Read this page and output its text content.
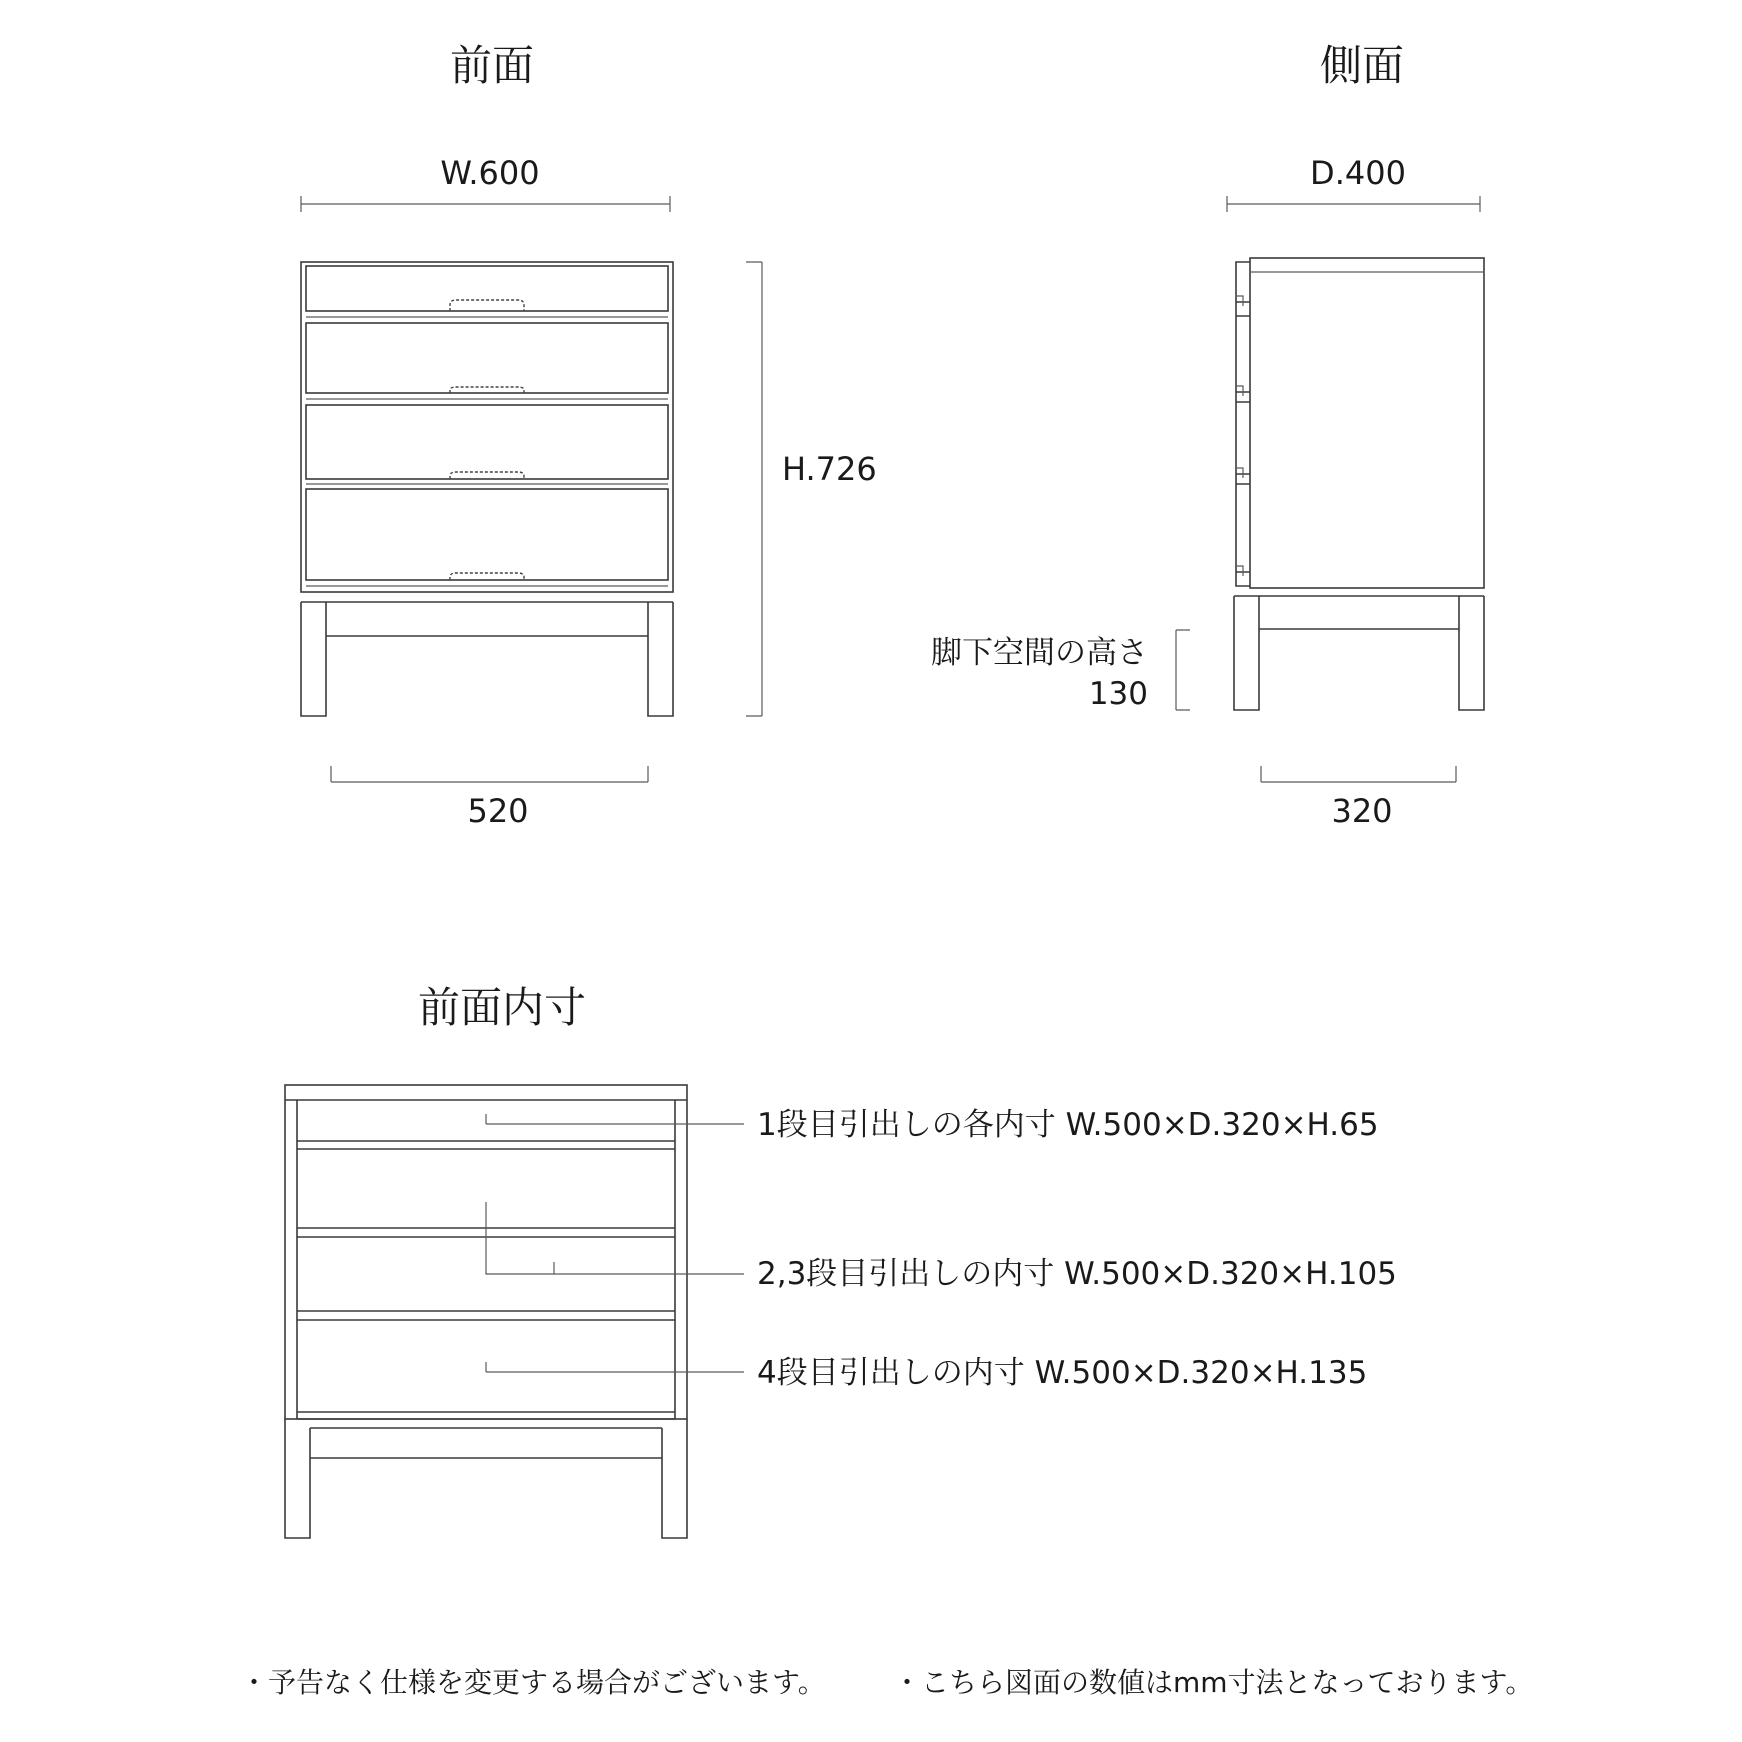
前面
W.600
H.726
520
側面
D.400
脚下空間の高さ
130
320
前面内寸
1段目引出しの各内寸 W.500×D.320×H.65
2,3段目引出しの内寸 W.500×D.320×H.105
4段目引出しの内寸 W.500×D.320×H.135
・予告なく仕様を変更する場合がございます。 ・こちら図面の数値はmm寸法となっております。
